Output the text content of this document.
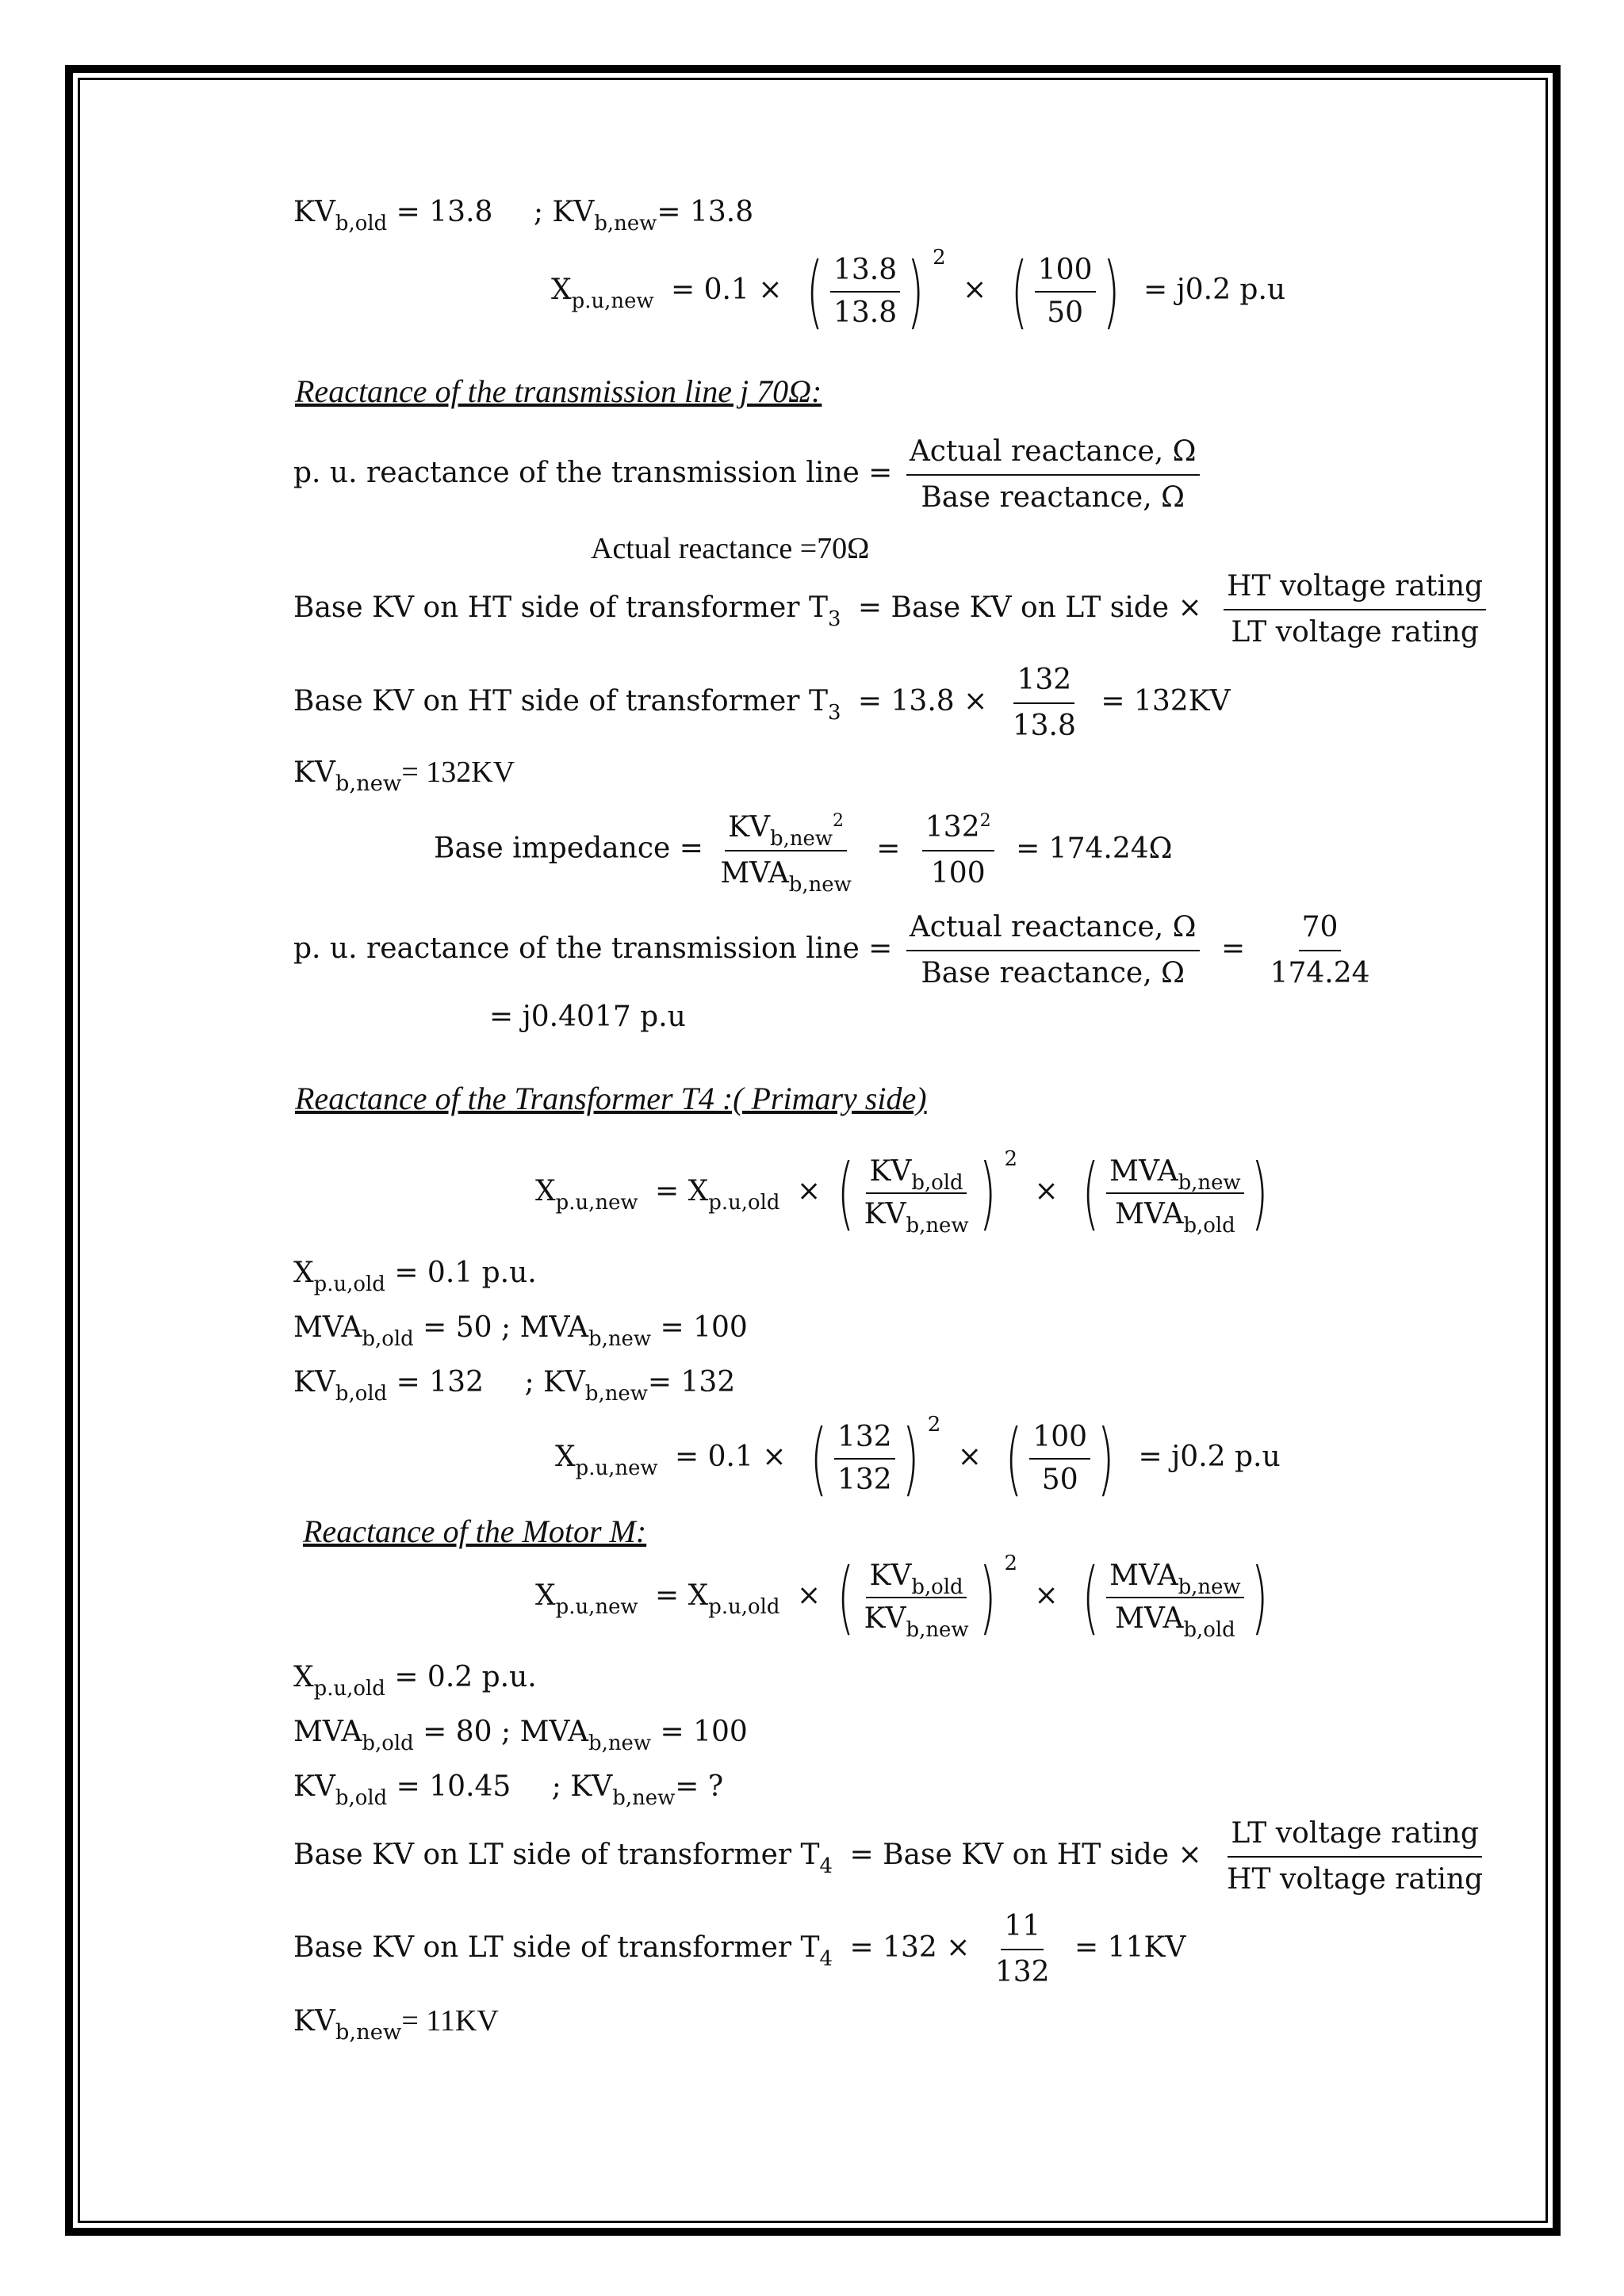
$KV_{b,old} = 13.8$ ; $KV_{b,new}= 13.8$
$X_{p.u,new} = 0.1$ × ( $\frac{13.8}{13.8}$ ) $^2$ × ( $\frac{100}{50}$ ) = j0.2 p.u
Reactance of the transmission line j 70Ω:
p. u. reactance of the transmission line = $\frac{\text{Actual reactance, Ω}}{\text{Base reactance, Ω}}$
Actual reactance =70Ω
Base KV on HT side of transformer $T_3$ = Base KV on LT side × $\frac{\text{HT voltage rating}}{\text{LT voltage rating}}$
Base KV on HT side of transformer $T_3 = 13.8 \times \frac{132}{13.8} = 132KV$
$KV_{b,new}= 132KV$
Base impedance = $\frac{KV_{b,new}^2}{MVA_{b,new}} = \frac{132^2}{100} = 174.24\Omega$
p. u. reactance of the transmission line = $\frac{\text{Actual reactance, Ω}}{\text{Base reactance, Ω}} = \frac{70}{174.24}$
= j0.4017 p.u
Reactance of the Transformer T4 :( Primary side)
$X_{p.u,new} = X_{p.u,old}$ × ( $\frac{KV_{b,old}}{KV_{b,new}}$ ) $^2$ × ( $\frac{MVA_{b,new}}{MVA_{b,old}}$ )
$X_{p.u,old} = 0.1$ p.u.
$MVA_{b,old} = 50$ ; $MVA_{b,new} = 100$
$KV_{b,old} = 132$ ; $KV_{b,new}= 132$
$X_{p.u,new} = 0.1$ × ( $\frac{132}{132}$ ) $^2$ × ( $\frac{100}{50}$ ) = j0.2 p.u
Reactance of the Motor M:
$X_{p.u,new} = X_{p.u,old}$ × ( $\frac{KV_{b,old}}{KV_{b,new}}$ ) $^2$ × ( $\frac{MVA_{b,new}}{MVA_{b,old}}$ )
$X_{p.u,old} = 0.2$ p.u.
$MVA_{b,old} = 80$ ; $MVA_{b,new} = 100$
$KV_{b,old} = 10.45$ ; $KV_{b,new}=$ ?
Base KV on LT side of transformer $T_4$ = Base KV on HT side × $\frac{\text{LT voltage rating}}{\text{HT voltage rating}}$
Base KV on LT side of transformer $T_4 = 132 \times \frac{11}{132} = 11KV$
$KV_{b,new}= 11KV$
